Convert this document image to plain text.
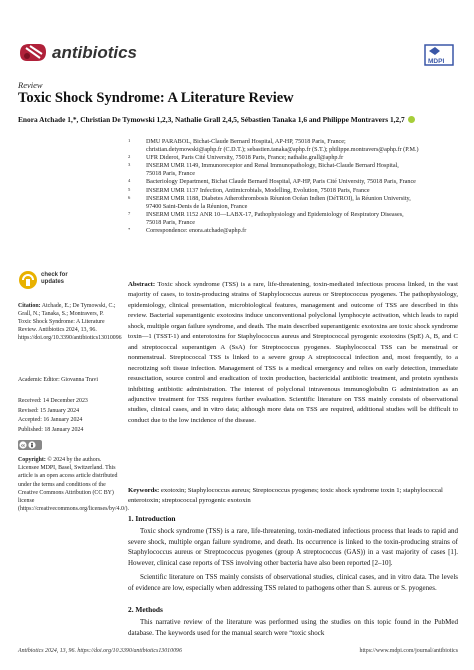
antibiotics	MDPI
Review
Toxic Shock Syndrome: A Literature Review
Enora Atchade 1,*, Christian De Tymowski 1,2,3, Nathalie Grall 2,4,5, Sébastien Tanaka 1,6 and Philippe Montravers 1,2,7
1	DMU PARABOL, Bichat-Claude Bernard Hospital, AP-HP, 75018 Paris, France;
christian.detymowski@aphp.fr (C.D.T.); sebastien.tanaka@aphp.fr (S.T.); philippe.montravers@aphp.fr (P.M.)
2	UFR Diderot, Paris Cité University, 75018 Paris, France; nathalie.grall@aphp.fr
3	INSERM UMR 1149, Immunoreceptor and Renal Immunopathology, Bichat-Claude Bernard Hospital,
75018 Paris, France
4	Bacteriology Department, Bichat Claude Bernard Hospital, AP-HP, Paris Cité University, 75018 Paris, France
5	INSERM UMR 1137 Infection, Antimicrobials, Modelling, Evolution, 75018 Paris, France
6	INSERM UMR 1188, Diabetes Atherothrombosis Réunion Océan Indien (DéTROI), la Réunion University,
97400 Saint-Denis de la Réunion, France
7	INSERM UMR 1152 ANR 10—LABX-17, Pathophysiology and Epidemiology of Respiratory Diseases,
75018 Paris, France
*	Correspondence: enora.atchade@aphp.fr
check for
updates
Citation: Atchade, E.; De Tymowski, C.; Grall, N.; Tanaka, S.; Montravers, P. Toxic Shock Syndrome: A Literature Review. Antibiotics 2024, 13, 96. https://doi.org/10.3390/antibiotics13010096
Academic Editor: Giovanna Travi
Received: 14 December 2023
Revised: 15 January 2024
Accepted: 16 January 2024
Published: 18 January 2024
cc
Copyright: © 2024 by the authors. Licensee MDPI, Basel, Switzerland. This article is an open access article distributed under the terms and conditions of the Creative Commons Attribution (CC BY) license (https://creativecommons.org/licenses/by/4.0/).
Abstract: Toxic shock syndrome (TSS) is a rare, life-threatening, toxin-mediated infectious process linked, in the vast majority of cases, to toxin-producing strains of Staphylococcus aureus or Streptococcus pyogenes. The pathophysiology, epidemiology, clinical presentation, microbiological features, management and outcome of TSS are described in this review. Bacterial superantigenic exotoxins induce unconventional polyclonal lymphocyte activation, which leads to rapid shock, multiple organ failure syndrome, and death. The main described superantigenic exotoxins are toxic shock syndrome toxin—1 (TSST-1) and enterotoxins for Staphylococcus aureus and Streptococcal pyrogenic exotoxins (SpE) A, B, and C and streptococcal superantigen A (SsA) for Streptococcus pyogenes. Staphylococcal TSS can be menstrual or nonmenstrual. Streptococcal TSS is linked to a severe group A streptococcal infection and, most frequently, to a necrotizing soft tissue infection. Management of TSS is a medical emergency and relies on early detection, immediate resuscitation, source control and eradication of toxin production, bactericidal antibiotic treatment, and protein synthesis inhibiting antibiotic administration. The interest of polyclonal intravenous immunoglobulin G administration as an adjunctive treatment for TSS requires further evaluation. Scientific literature on TSS mainly consists of observational studies, clinical cases, and in vitro data; although more data on TSS are required, additional studies will be difficult to conduct due to the low incidence of the disease.
Keywords: exotoxin; Staphylococcus aureus; Streptococcus pyogenes; toxic shock syndrome toxin 1; staphylococcal enterotoxin; streptococcal pyrogenic exotoxin
1. Introduction
Toxic shock syndrome (TSS) is a rare, life-threatening, toxin-mediated infectious process that leads to rapid and severe shock, multiple organ failure syndrome, and death. Its occurrence is linked to the toxin-producing strains of Staphylococcus aureus or Streptococcus pyogenes (group A streptococcus (GAS)) in a vast majority of cases [1]. However, clinical case reports of TSS involving other bacteria have also been reported [2–10].
Scientific literature on TSS mainly consists of observational studies, clinical cases, and in vitro data. The levels of evidence are low, especially when addressing TSS related to pathogens other than S. aureus or S. pyogenes.
2. Methods
This narrative review of the literature was performed using the studies on this topic found in the PubMed database. The keywords used for the manual search were “toxic shock
Antibiotics 2024, 13, 96. https://doi.org/10.3390/antibiotics13010096	https://www.mdpi.com/journal/antibiotics
